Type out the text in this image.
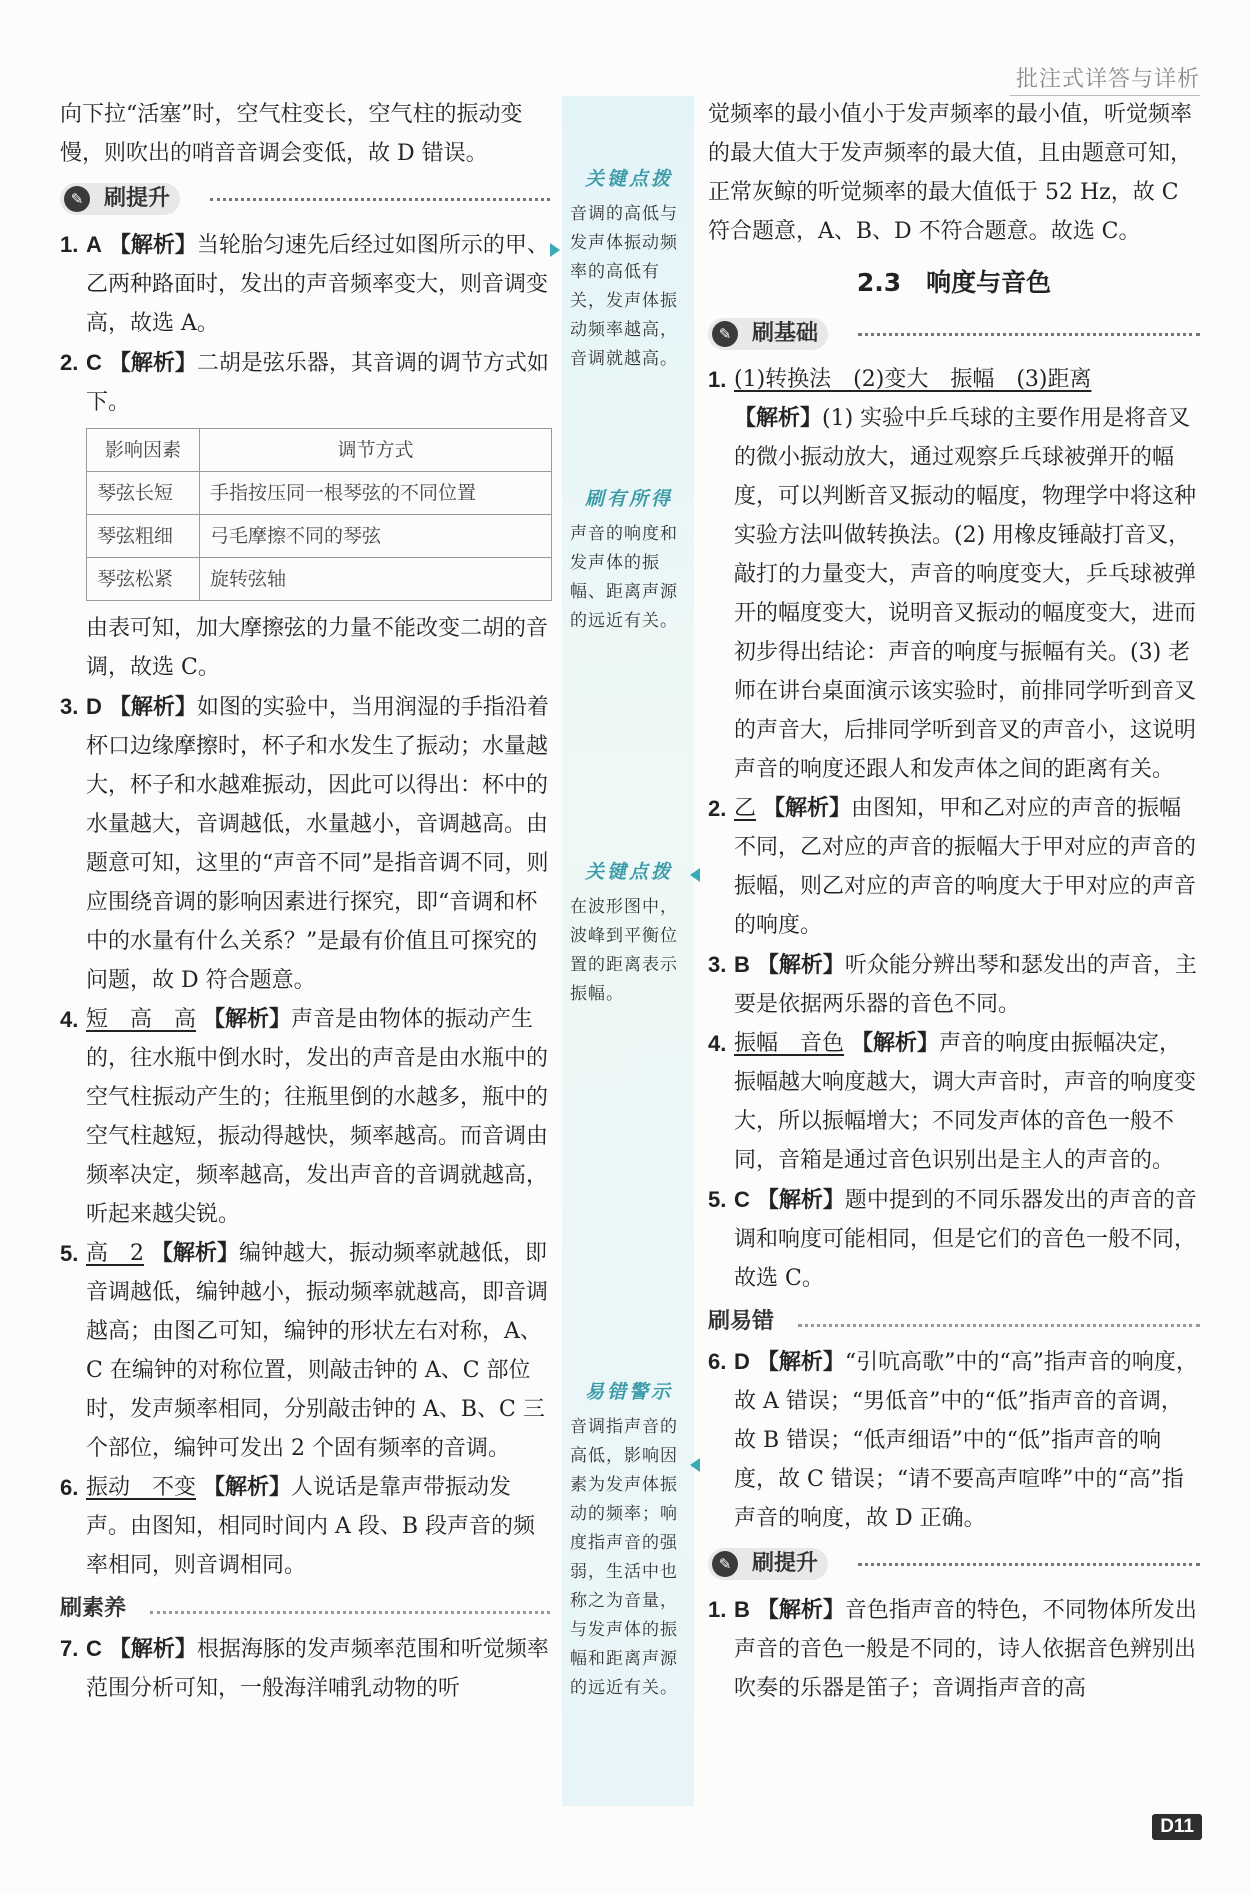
批注式详答与详析

向下拉“活塞”时，空气柱变长，空气柱的振动变慢，则吹出的哨音音调会变低，故 D 错误。

✎ 刷提升
1. A 【解析】当轮胎匀速先后经过如图所示的甲、乙两种路面时，发出的声音频率变大，则音调变高，故选 A。
2. C 【解析】二胡是弦乐器，其音调的调节方式如下。
影响因素	调节方式
琴弦长短	手指按压同一根琴弦的不同位置
琴弦粗细	弓毛摩擦不同的琴弦
琴弦松紧	旋转弦轴

由表可知，加大摩擦弦的力量不能改变二胡的音调，故选 C。

3. D 【解析】如图的实验中，当用润湿的手指沿着杯口边缘摩擦时，杯子和水发生了振动；水量越大，杯子和水越难振动，因此可以得出：杯中的水量越大，音调越低，水量越小，音调越高。由题意可知，这里的“声音不同”是指音调不同，则应围绕音调的影响因素进行探究，即“音调和杯中的水量有什么关系？”是最有价值且可探究的问题，故 D 符合题意。
4. 短　高　高 【解析】声音是由物体的振动产生的，往水瓶中倒水时，发出的声音是由水瓶中的空气柱振动产生的；往瓶里倒的水越多，瓶中的空气柱越短，振动得越快，频率越高。而音调由频率决定，频率越高，发出声音的音调就越高，听起来越尖锐。
5. 高　2 【解析】编钟越大，振动频率就越低，即音调越低，编钟越小，振动频率就越高，即音调越高；由图乙可知，编钟的形状左右对称，A、C 在编钟的对称位置，则敲击钟的 A、C 部位时，发声频率相同，分别敲击钟的 A、B、C 三个部位，编钟可发出 2 个固有频率的音调。
6. 振动　不变 【解析】人说话是靠声带振动发声。由图知，相同时间内 A 段、B 段声音的频率相同，则音调相同。
刷素养
7. C 【解析】根据海豚的发声频率范围和听觉频率范围分析可知，一般海洋哺乳动物的听
关键点拨
音调的高低与发声体振动频率的高低有关，发声体振动频率越高，音调就越高。
刷有所得
声音的响度和发声体的振幅、距离声源的远近有关。
关键点拨
在波形图中，波峰到平衡位置的距离表示振幅。
易错警示
音调指声音的高低，影响因素为发声体振动的频率；响度指声音的强弱，生活中也称之为音量，与发声体的振幅和距离声源的远近有关。

觉频率的最小值小于发声频率的最小值，听觉频率的最大值大于发声频率的最大值，且由题意可知，正常灰鲸的听觉频率的最大值低于 52 Hz，故 C 符合题意，A、B、D 不符合题意。故选 C。

2.3　响度与音色
✎ 刷基础
1. (1)转换法　(2)变大　振幅　(3)距离
【解析】(1) 实验中乒乓球的主要作用是将音叉的微小振动放大，通过观察乒乓球被弹开的幅度，可以判断音叉振动的幅度，物理学中将这种实验方法叫做转换法。(2) 用橡皮锤敲打音叉，敲打的力量变大，声音的响度变大，乒乓球被弹开的幅度变大，说明音叉振动的幅度变大，进而初步得出结论：声音的响度与振幅有关。(3) 老师在讲台桌面演示该实验时，前排同学听到音叉的声音大，后排同学听到音叉的声音小，这说明声音的响度还跟人和发声体之间的距离有关。
2. 乙 【解析】由图知，甲和乙对应的声音的振幅不同，乙对应的声音的振幅大于甲对应的声音的振幅，则乙对应的声音的响度大于甲对应的声音的响度。
3. B 【解析】听众能分辨出琴和瑟发出的声音，主要是依据两乐器的音色不同。
4. 振幅　音色 【解析】声音的响度由振幅决定，振幅越大响度越大，调大声音时，声音的响度变大，所以振幅增大；不同发声体的音色一般不同，音箱是通过音色识别出是主人的声音的。
5. C 【解析】题中提到的不同乐器发出的声音的音调和响度可能相同，但是它们的音色一般不同，故选 C。
刷易错
6. D 【解析】“引吭高歌”中的“高”指声音的响度，故 A 错误；“男低音”中的“低”指声音的音调，故 B 错误；“低声细语”中的“低”指声音的响度，故 C 错误；“请不要高声喧哗”中的“高”指声音的响度，故 D 正确。
✎ 刷提升
1. B 【解析】音色指声音的特色，不同物体所发出声音的音色一般是不同的，诗人依据音色辨别出吹奏的乐器是笛子；音调指声音的高
D11
